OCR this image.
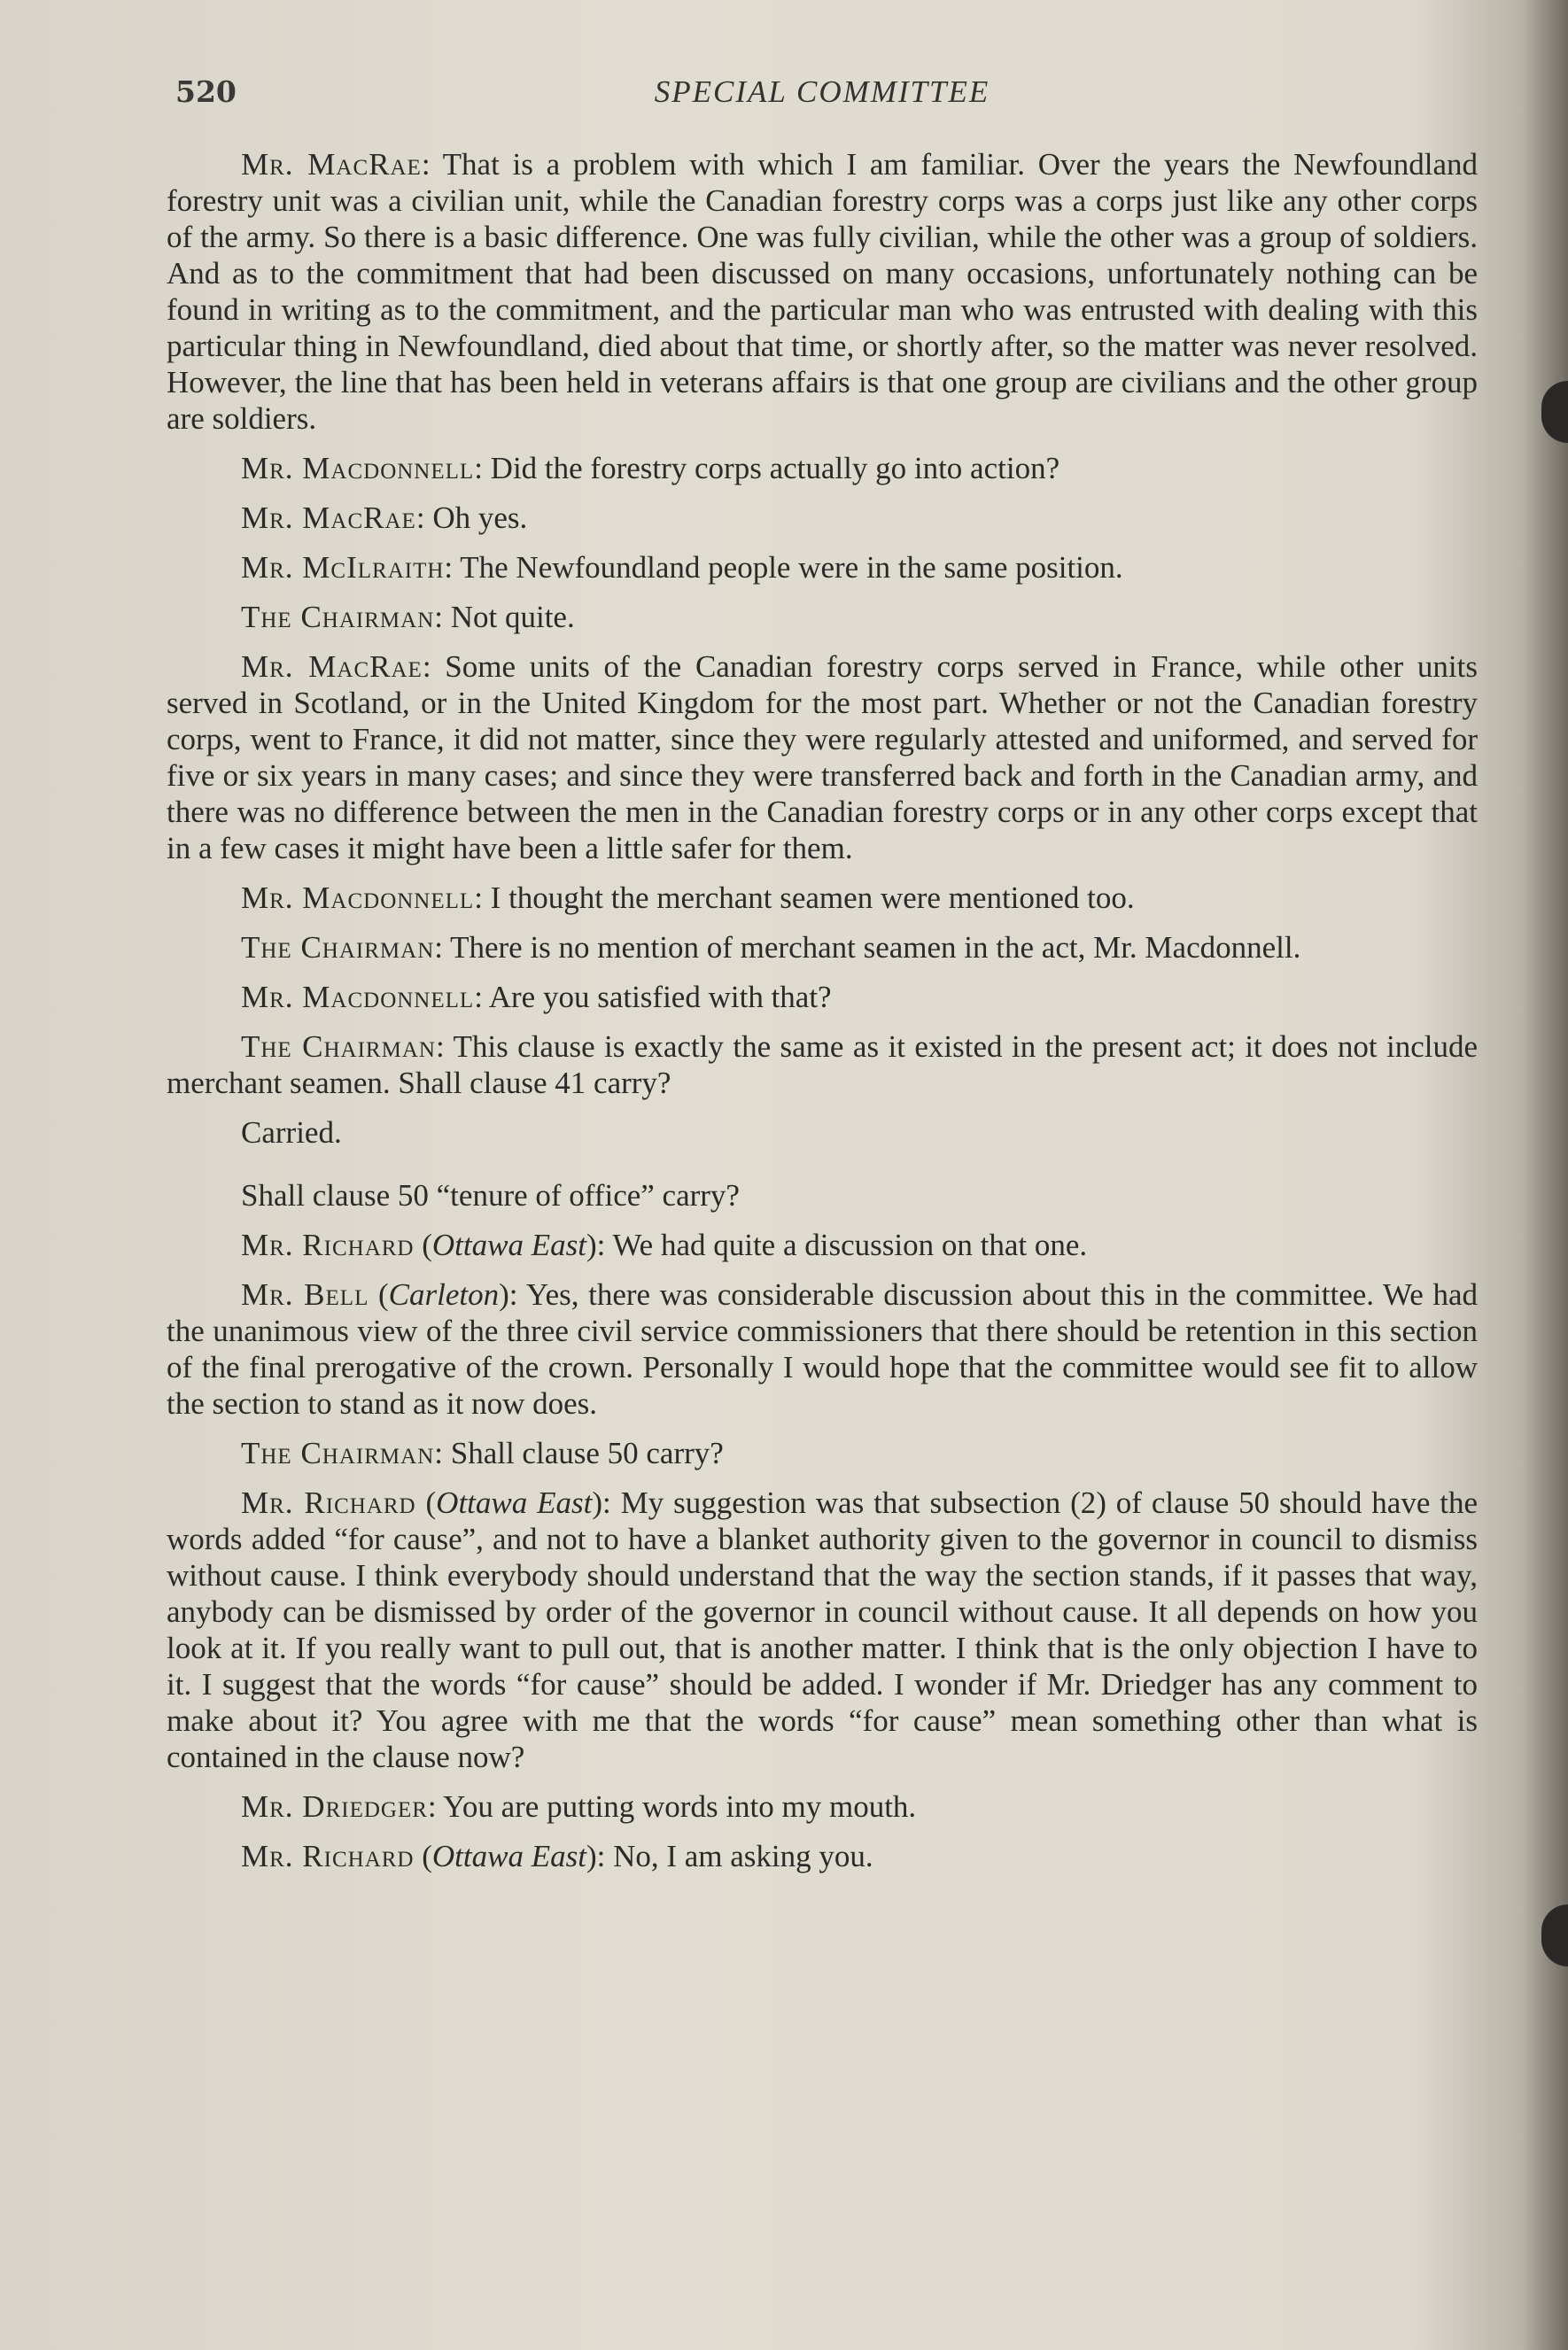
520	SPECIAL COMMITTEE

Mr. MacRae: That is a problem with which I am familiar. Over the years the Newfoundland forestry unit was a civilian unit, while the Canadian forestry corps was a corps just like any other corps of the army. So there is a basic difference. One was fully civilian, while the other was a group of soldiers. And as to the commitment that had been discussed on many occasions, unfortunately nothing can be found in writing as to the commitment, and the particular man who was entrusted with dealing with this particular thing in Newfoundland, died about that time, or shortly after, so the matter was never resolved. However, the line that has been held in veterans affairs is that one group are civilians and the other group are soldiers.

Mr. Macdonnell: Did the forestry corps actually go into action?

Mr. MacRae: Oh yes.

Mr. McIlraith: The Newfoundland people were in the same position.

The Chairman: Not quite.

Mr. MacRae: Some units of the Canadian forestry corps served in France, while other units served in Scotland, or in the United Kingdom for the most part. Whether or not the Canadian forestry corps, went to France, it did not matter, since they were regularly attested and uniformed, and served for five or six years in many cases; and since they were transferred back and forth in the Canadian army, and there was no difference between the men in the Canadian forestry corps or in any other corps except that in a few cases it might have been a little safer for them.

Mr. Macdonnell: I thought the merchant seamen were mentioned too.

The Chairman: There is no mention of merchant seamen in the act, Mr. Macdonnell.

Mr. Macdonnell: Are you satisfied with that?

The Chairman: This clause is exactly the same as it existed in the present act; it does not include merchant seamen. Shall clause 41 carry?

Carried.

Shall clause 50 “tenure of office” carry?

Mr. Richard (Ottawa East): We had quite a discussion on that one.

Mr. Bell (Carleton): Yes, there was considerable discussion about this in the committee. We had the unanimous view of the three civil service commissioners that there should be retention in this section of the final prerogative of the crown. Personally I would hope that the committee would see fit to allow the section to stand as it now does.

The Chairman: Shall clause 50 carry?

Mr. Richard (Ottawa East): My suggestion was that subsection (2) of clause 50 should have the words added “for cause”, and not to have a blanket authority given to the governor in council to dismiss without cause. I think everybody should understand that the way the section stands, if it passes that way, anybody can be dismissed by order of the governor in council without cause. It all depends on how you look at it. If you really want to pull out, that is another matter. I think that is the only objection I have to it. I suggest that the words “for cause” should be added. I wonder if Mr. Driedger has any comment to make about it? You agree with me that the words “for cause” mean something other than what is contained in the clause now?

Mr. Driedger: You are putting words into my mouth.

Mr. Richard (Ottawa East): No, I am asking you.
